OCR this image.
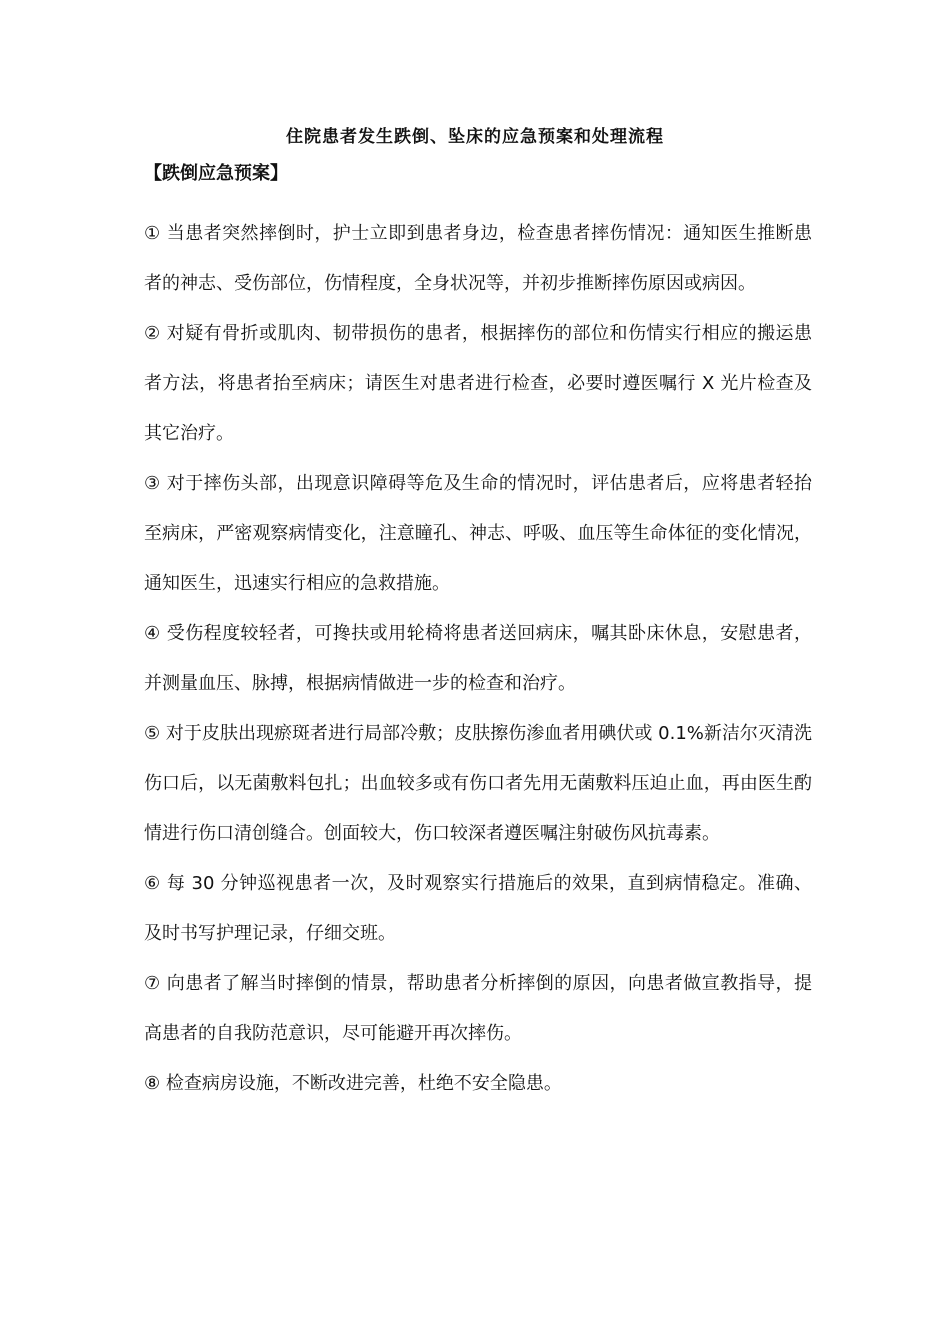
住院患者发生跌倒、坠床的应急预案和处理流程
【跌倒应急预案】

① 当患者突然摔倒时，护士立即到患者身边，检查患者摔伤情况：通知医生推断患者的神志、受伤部位，伤情程度，全身状况等，并初步推断摔伤原因或病因。

② 对疑有骨折或肌肉、韧带损伤的患者，根据摔伤的部位和伤情实行相应的搬运患者方法，将患者抬至病床；请医生对患者进行检查，必要时遵医嘱行 X 光片检查及其它治疗。

③ 对于摔伤头部，出现意识障碍等危及生命的情况时，评估患者后，应将患者轻抬至病床，严密观察病情变化，注意瞳孔、神志、呼吸、血压等生命体征的变化情况，通知医生，迅速实行相应的急救措施。

④ 受伤程度较轻者，可搀扶或用轮椅将患者送回病床，嘱其卧床休息，安慰患者，并测量血压、脉搏，根据病情做进一步的检查和治疗。

⑤ 对于皮肤出现瘀斑者进行局部冷敷；皮肤擦伤渗血者用碘伏或 0.1%新洁尔灭清洗伤口后，以无菌敷料包扎；出血较多或有伤口者先用无菌敷料压迫止血，再由医生酌情进行伤口清创缝合。创面较大，伤口较深者遵医嘱注射破伤风抗毒素。

⑥ 每 30 分钟巡视患者一次，及时观察实行措施后的效果，直到病情稳定。准确、及时书写护理记录，仔细交班。

⑦ 向患者了解当时摔倒的情景，帮助患者分析摔倒的原因，向患者做宣教指导，提高患者的自我防范意识，尽可能避开再次摔伤。

⑧ 检查病房设施，不断改进完善，杜绝不安全隐患。
